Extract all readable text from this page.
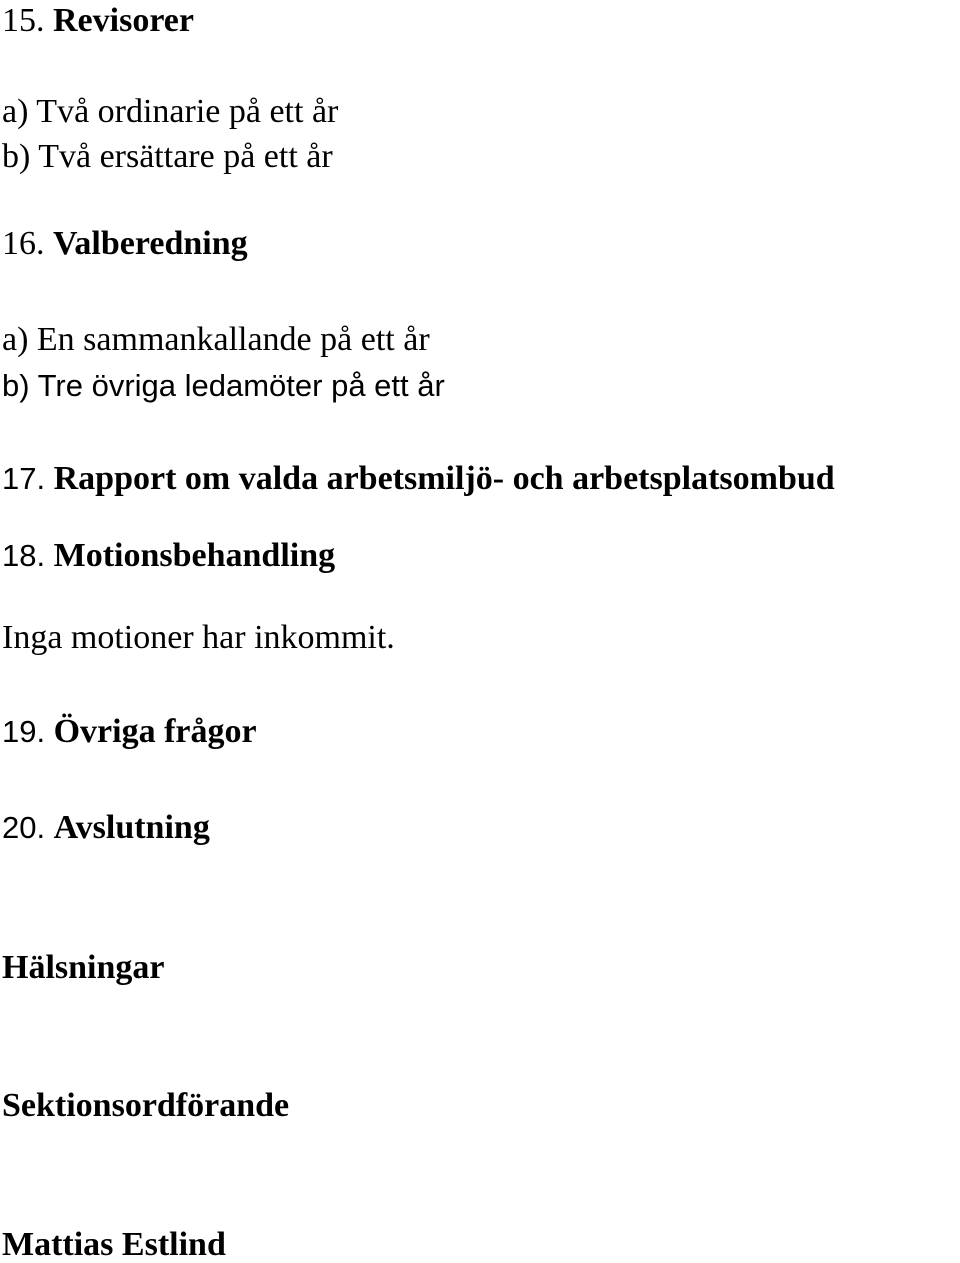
15. Revisorer
a) Två ordinarie på ett år
b) Två ersättare på ett år
16. Valberedning
a) En sammankallande på ett år
b) Tre övriga ledamöter på ett år
17. Rapport om valda arbetsmiljö- och arbetsplatsombud
18. Motionsbehandling
Inga motioner har inkommit.
19. Övriga frågor
20. Avslutning
Hälsningar
Sektionsordförande
Mattias Estlind
